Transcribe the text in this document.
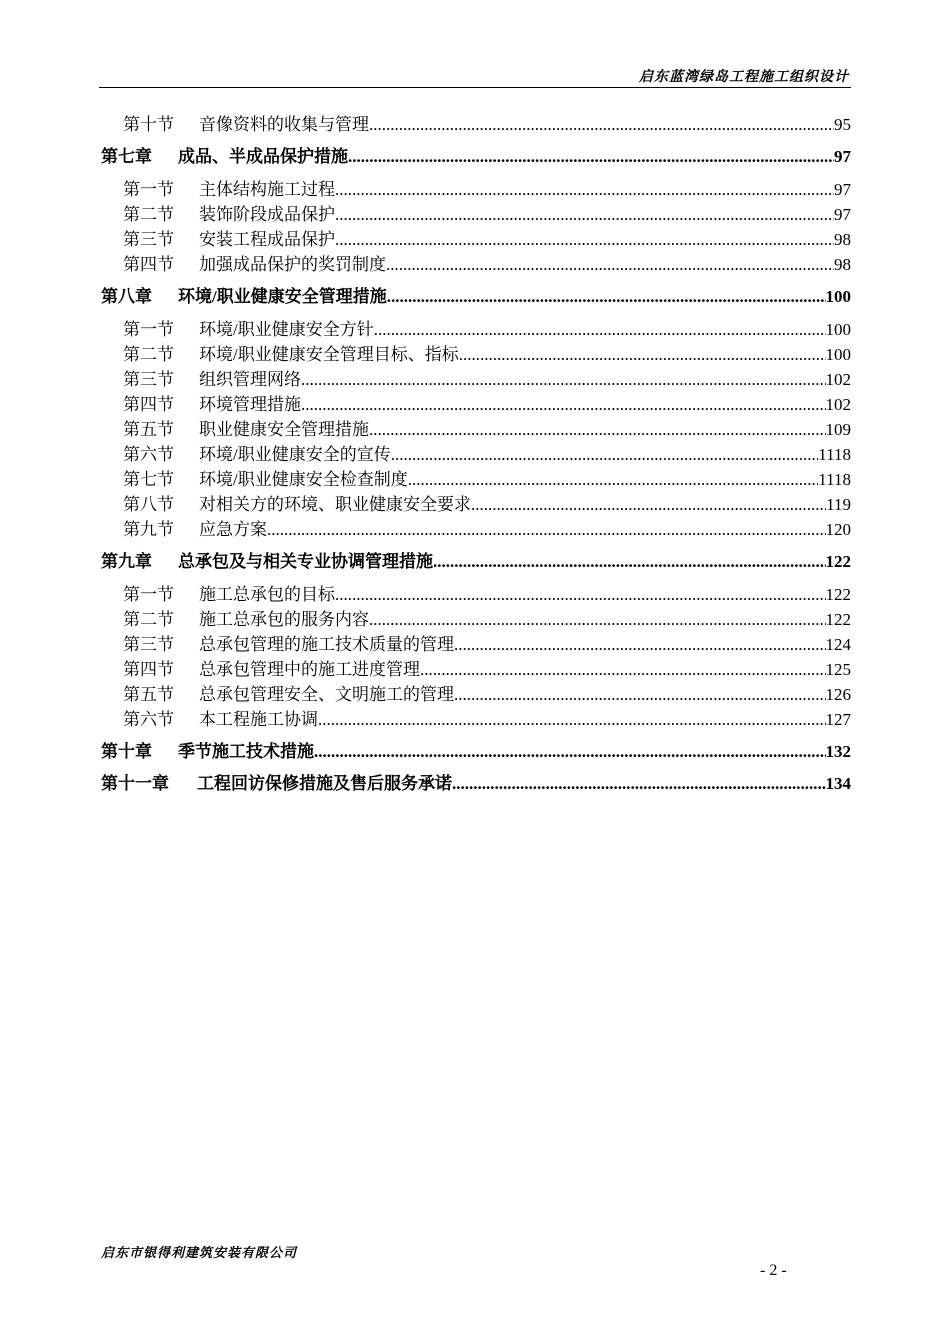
启东蓝湾绿岛工程施工组织设计
第十节	音像资料的收集与管理 .....	95
第七章	成品、半成品保护措施 .....	97
第一节	主体结构施工过程 .....	97
第二节	装饰阶段成品保护 .....	97
第三节	安装工程成品保护 .....	98
第四节	加强成品保护的奖罚制度 .....	98
第八章	环境/职业健康安全管理措施 .....	100
第一节	环境/职业健康安全方针 .....	100
第二节	环境/职业健康安全管理目标、指标 .....	100
第三节	组织管理网络 .....	102
第四节	环境管理措施 .....	102
第五节	职业健康安全管理措施 .....	109
第六节	环境/职业健康安全的宣传 .....	1118
第七节	环境/职业健康安全检查制度 .....	1118
第八节	对相关方的环境、职业健康安全要求 .....	119
第九节	应急方案 .....	120
第九章	总承包及与相关专业协调管理措施 .....	122
第一节	施工总承包的目标 .....	122
第二节	施工总承包的服务内容 .....	122
第三节	总承包管理的施工技术质量的管理 .....	124
第四节	总承包管理中的施工进度管理 .....	125
第五节	总承包管理安全、文明施工的管理 .....	126
第六节	本工程施工协调 .....	127
第十章	季节施工技术措施 .....	132
第十一章	工程回访保修措施及售后服务承诺 .....	134
启东市银得利建筑安装有限公司
- 2 -
